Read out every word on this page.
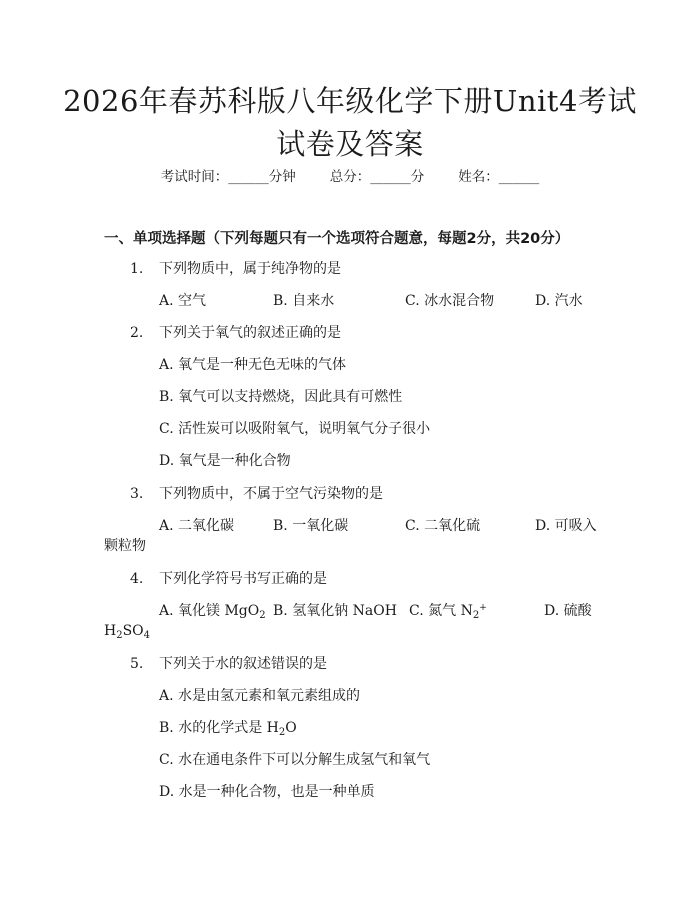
2026年春苏科版八年级化学下册Unit4考试
试卷及答案
考试时间：______分钟	总分：______分	姓名：______
一、单项选择题（下列每题只有一个选项符合题意，每题2分，共20分）
1. 下列物质中，属于纯净物的是
A. 空气	B. 自来水	C. 冰水混合物	D. 汽水
2. 下列关于氧气的叙述正确的是
A. 氧气是一种无色无味的气体
B. 氧气可以支持燃烧，因此具有可燃性
C. 活性炭可以吸附氧气，说明氧气分子很小
D. 氧气是一种化合物
3. 下列物质中，不属于空气污染物的是
A. 二氧化碳	B. 一氧化碳	C. 二氧化硫	D. 可吸入
颗粒物
4. 下列化学符号书写正确的是
A. 氧化镁 MgO$_2$ B. 氢氧化钠 NaOH C. 氮气 $N_2^+$	D. 硫酸
$H_2SO_4$
5. 下列关于水的叙述错误的是
A. 水是由氢元素和氧元素组成的
B. 水的化学式是 $H_2O$
C. 水在通电条件下可以分解生成氢气和氧气
D. 水是一种化合物，也是一种单质
